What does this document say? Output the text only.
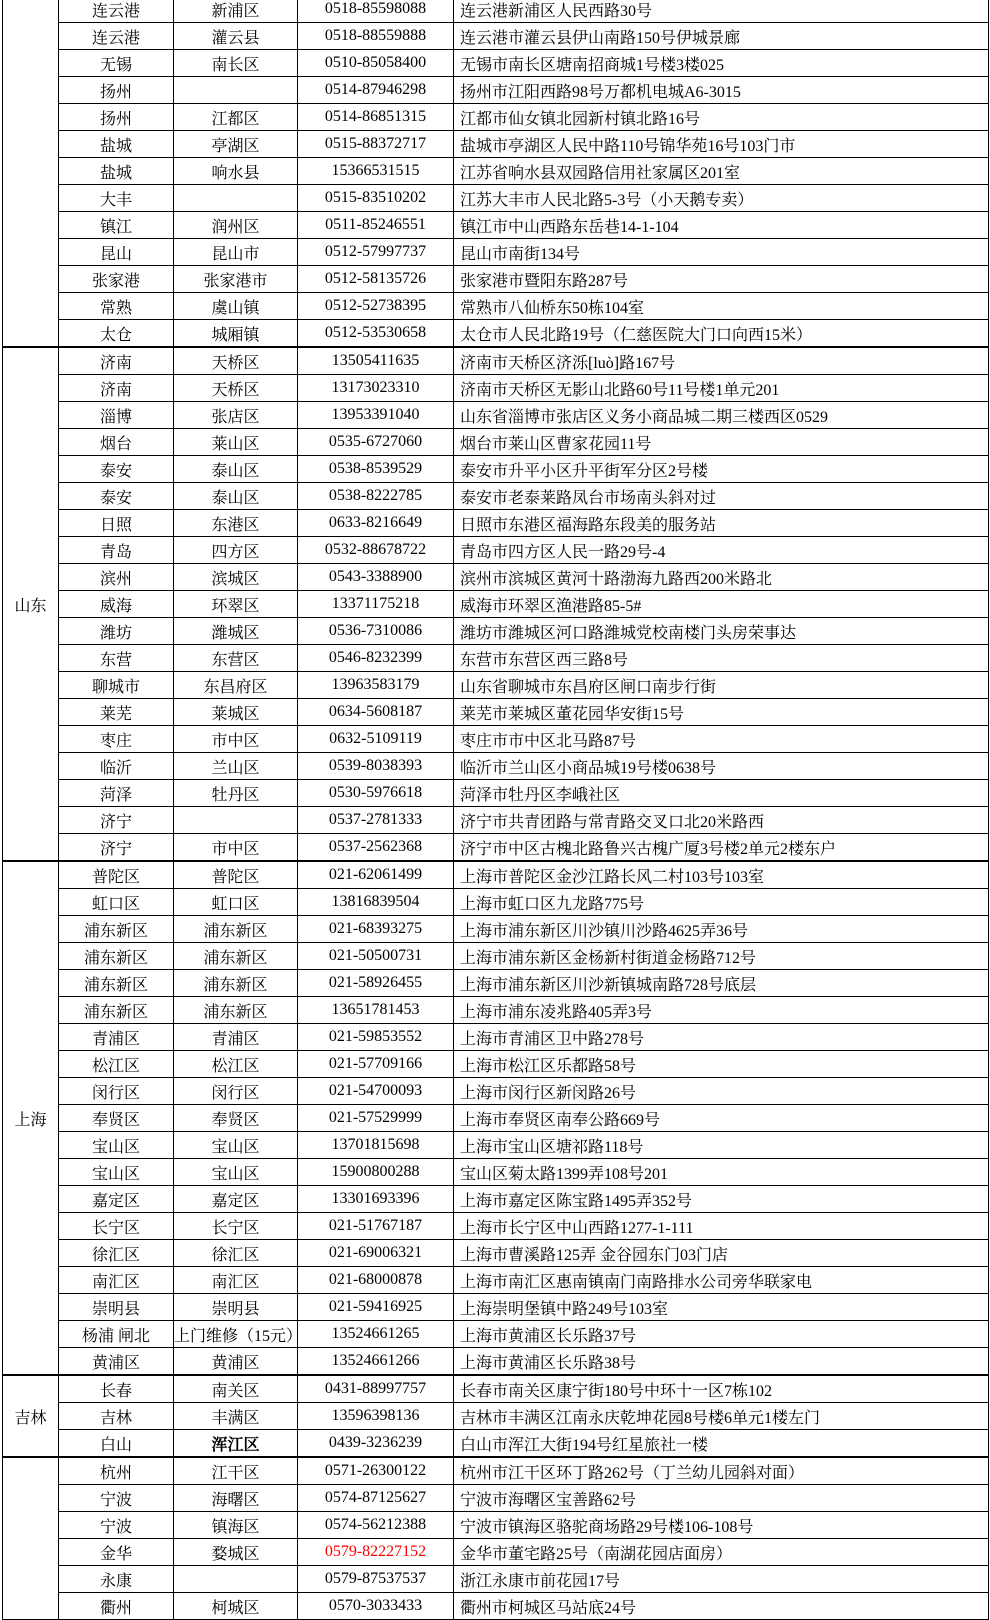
	连云港	新浦区	0518-85598088	连云港新浦区人民西路30号
	连云港	灌云县	0518-88559888	连云港市灌云县伊山南路150号伊城景廊
	无锡	南长区	0510-85058400	无锡市南长区塘南招商城1号楼3楼025
	扬州		0514-87946298	扬州市江阳西路98号万都机电城A6-3015
	扬州	江都区	0514-86851315	江都市仙女镇北园新村镇北路16号
	盐城	亭湖区	0515-88372717	盐城市亭湖区人民中路110号锦华苑16号103门市
	盐城	响水县	15366531515	江苏省响水县双园路信用社家属区201室
	大丰		0515-83510202	江苏大丰市人民北路5-3号（小天鹅专卖）
	镇江	润州区	0511-85246551	镇江市中山西路东岳巷14-1-104
	昆山	昆山市	0512-57997737	昆山市南街134号
	张家港	张家港市	0512-58135726	张家港市暨阳东路287号
	常熟	虞山镇	0512-52738395	常熟市八仙桥东50栋104室
	太仓	城厢镇	0512-53530658	太仓市人民北路19号（仁慈医院大门口向西15米）
山东	济南	天桥区	13505411635	济南市天桥区济泺[luò]路167号
	济南	天桥区	13173023310	济南市天桥区无影山北路60号11号楼1单元201
	淄博	张店区	13953391040	山东省淄博市张店区义务小商品城二期三楼西区0529
	烟台	莱山区	0535-6727060	烟台市莱山区曹家花园11号
	泰安	泰山区	0538-8539529	泰安市升平小区升平街军分区2号楼
	泰安	泰山区	0538-8222785	泰安市老泰莱路凤台市场南头斜对过
	日照	东港区	0633-8216649	日照市东港区福海路东段美的服务站
	青岛	四方区	0532-88678722	青岛市四方区人民一路29号-4
	滨州	滨城区	0543-3388900	滨州市滨城区黄河十路渤海九路西200米路北
	威海	环翠区	13371175218	威海市环翠区渔港路85-5#
	潍坊	潍城区	0536-7310086	潍坊市潍城区河口路潍城党校南楼门头房荣事达
	东营	东营区	0546-8232399	东营市东营区西三路8号
	聊城市	东昌府区	13963583179	山东省聊城市东昌府区闸口南步行街
	莱芜	莱城区	0634-5608187	莱芜市莱城区董花园华安街15号
	枣庄	市中区	0632-5109119	枣庄市市中区北马路87号
	临沂	兰山区	0539-8038393	临沂市兰山区小商品城19号楼0638号
	菏泽	牡丹区	0530-5976618	菏泽市牡丹区李峨社区
	济宁		0537-2781333	济宁市共青团路与常青路交叉口北20米路西
	济宁	市中区	0537-2562368	济宁市中区古槐北路鲁兴古槐广厦3号楼2单元2楼东户
上海	普陀区	普陀区	021-62061499	上海市普陀区金沙江路长风二村103号103室
	虹口区	虹口区	13816839504	上海市虹口区九龙路775号
	浦东新区	浦东新区	021-68393275	上海市浦东新区川沙镇川沙路4625弄36号
	浦东新区	浦东新区	021-50500731	上海市浦东新区金杨新村街道金杨路712号
	浦东新区	浦东新区	021-58926455	上海市浦东新区川沙新镇城南路728号底层
	浦东新区	浦东新区	13651781453	上海市浦东凌兆路405弄3号
	青浦区	青浦区	021-59853552	上海市青浦区卫中路278号
	松江区	松江区	021-57709166	上海市松江区乐都路58号
	闵行区	闵行区	021-54700093	上海市闵行区新闵路26号
	奉贤区	奉贤区	021-57529999	上海市奉贤区南奉公路669号
	宝山区	宝山区	13701815698	上海市宝山区塘祁路118号
	宝山区	宝山区	15900800288	宝山区菊太路1399弄108号201
	嘉定区	嘉定区	13301693396	上海市嘉定区陈宝路1495弄352号
	长宁区	长宁区	021-51767187	上海市长宁区中山西路1277-1-111
	徐汇区	徐汇区	021-69006321	上海市曹溪路125弄 金谷园东门03门店
	南汇区	南汇区	021-68000878	上海市南汇区惠南镇南门南路排水公司旁华联家电
	崇明县	崇明县	021-59416925	上海崇明堡镇中路249号103室
	杨浦 闸北	上门维修（15元）	13524661265	上海市黄浦区长乐路37号
	黄浦区	黄浦区	13524661266	上海市黄浦区长乐路38号
吉林	长春	南关区	0431-88997757	长春市南关区康宁街180号中环十一区7栋102
	吉林	丰满区	13596398136	吉林市丰满区江南永庆乾坤花园8号楼6单元1楼左门
	白山	浑江区	0439-3236239	白山市浑江大街194号红星旅社一楼
	杭州	江干区	0571-26300122	杭州市江干区环丁路262号（丁兰幼儿园斜对面）
	宁波	海曙区	0574-87125627	宁波市海曙区宝善路62号
	宁波	镇海区	0574-56212388	宁波市镇海区骆驼商场路29号楼106-108号
	金华	婺城区	0579-82227152	金华市董宅路25号（南湖花园店面房）
	永康		0579-87537537	浙江永康市前花园17号
	衢州	柯城区	0570-3033433	衢州市柯城区马站底24号
